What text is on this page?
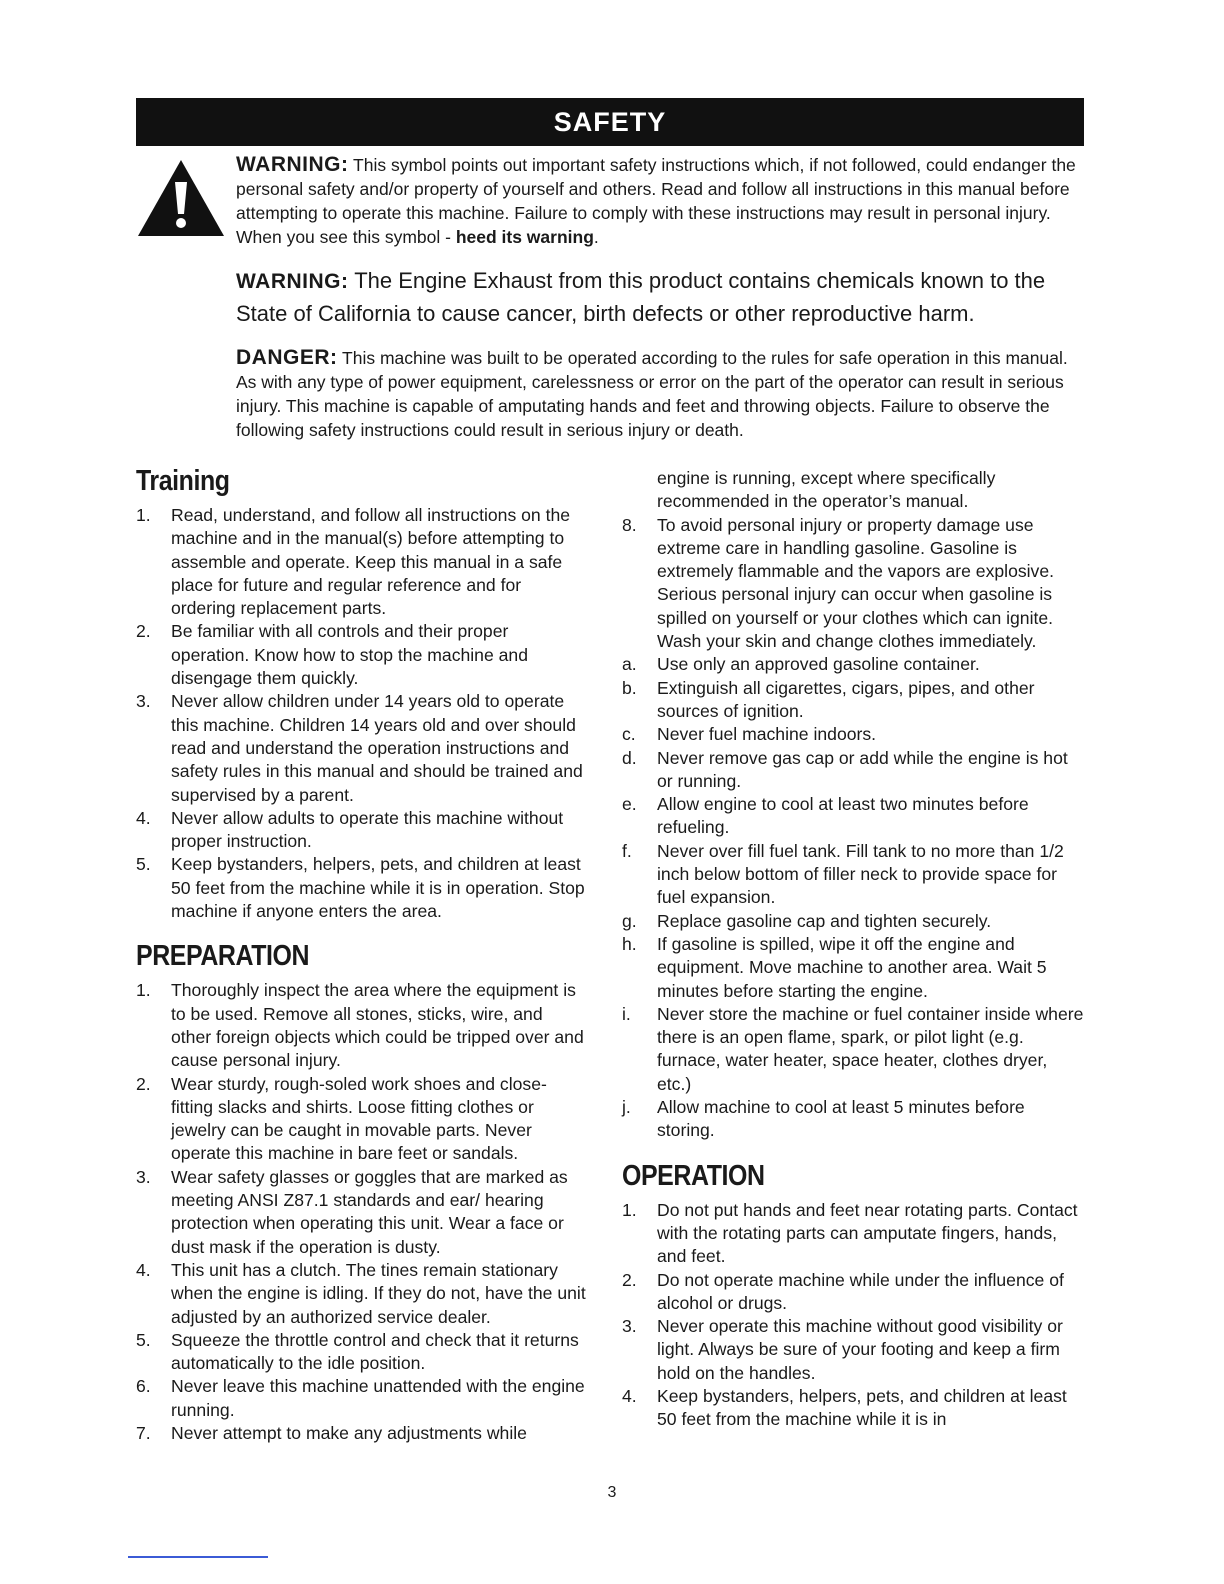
SAFETY
WARNING: This symbol points out important safety instructions which, if not followed, could endanger the personal safety and/or property of yourself and others. Read and follow all instructions in this manual before attempting to operate this machine. Failure to comply with these instructions may result in personal injury. When you see this symbol - heed its warning.
WARNING: The Engine Exhaust from this product contains chemicals known to the State of California to cause cancer, birth defects or other reproductive harm.
DANGER: This machine was built to be operated according to the rules for safe operation in this manual. As with any type of power equipment, carelessness or error on the part of the operator can result in serious injury. This machine is capable of amputating hands and feet and throwing objects. Failure to observe the following safety instructions could result in serious injury or death.
Training
1. Read, understand, and follow all instructions on the machine and in the manual(s) before attempting to assemble and operate. Keep this manual in a safe place for future and regular reference and for ordering replacement parts.
2. Be familiar with all controls and their proper operation. Know how to stop the machine and disengage them quickly.
3. Never allow children under 14 years old to operate this machine. Children 14 years old and over should read and understand the operation instructions and safety rules in this manual and should be trained and supervised by a parent.
4. Never allow adults to operate this machine without proper instruction.
5. Keep bystanders, helpers, pets, and children at least 50 feet from the machine while it is in operation. Stop machine if anyone enters the area.
PREPARATION
1. Thoroughly inspect the area where the equipment is to be used. Remove all stones, sticks, wire, and other foreign objects which could be tripped over and cause personal injury.
2. Wear sturdy, rough-soled work shoes and close-fitting slacks and shirts. Loose fitting clothes or jewelry can be caught in movable parts. Never operate this machine in bare feet or sandals.
3. Wear safety glasses or goggles that are marked as meeting ANSI Z87.1 standards and ear/ hearing protection when operating this unit. Wear a face or dust mask if the operation is dusty.
4. This unit has a clutch. The tines remain stationary when the engine is idling. If they do not, have the unit adjusted by an authorized service dealer.
5. Squeeze the throttle control and check that it returns automatically to the idle position.
6. Never leave this machine unattended with the engine running.
7. Never attempt to make any adjustments while
engine is running, except where specifically recommended in the operator’s manual.
8. To avoid personal injury or property damage use extreme care in handling gasoline. Gasoline is extremely flammable and the vapors are explosive. Serious personal injury can occur when gasoline is spilled on yourself or your clothes which can ignite. Wash your skin and change clothes immediately.
a. Use only an approved gasoline container.
b. Extinguish all cigarettes, cigars, pipes, and other sources of ignition.
c. Never fuel machine indoors.
d. Never remove gas cap or add while the engine is hot or running.
e. Allow engine to cool at least two minutes before refueling.
f. Never over fill fuel tank. Fill tank to no more than 1/2 inch below bottom of filler neck to provide space for fuel expansion.
g. Replace gasoline cap and tighten securely.
h. If gasoline is spilled, wipe it off the engine and equipment. Move machine to another area. Wait 5 minutes before starting the engine.
i. Never store the machine or fuel container inside where there is an open flame, spark, or pilot light (e.g. furnace, water heater, space heater, clothes dryer, etc.)
j. Allow machine to cool at least 5 minutes before storing.
OPERATION
1. Do not put hands and feet near rotating parts. Contact with the rotating parts can amputate fingers, hands, and feet.
2. Do not operate machine while under the influence of alcohol or drugs.
3. Never operate this machine without good visibility or light. Always be sure of your footing and keep a firm hold on the handles.
4. Keep bystanders, helpers, pets, and children at least 50 feet from the machine while it is in
3
